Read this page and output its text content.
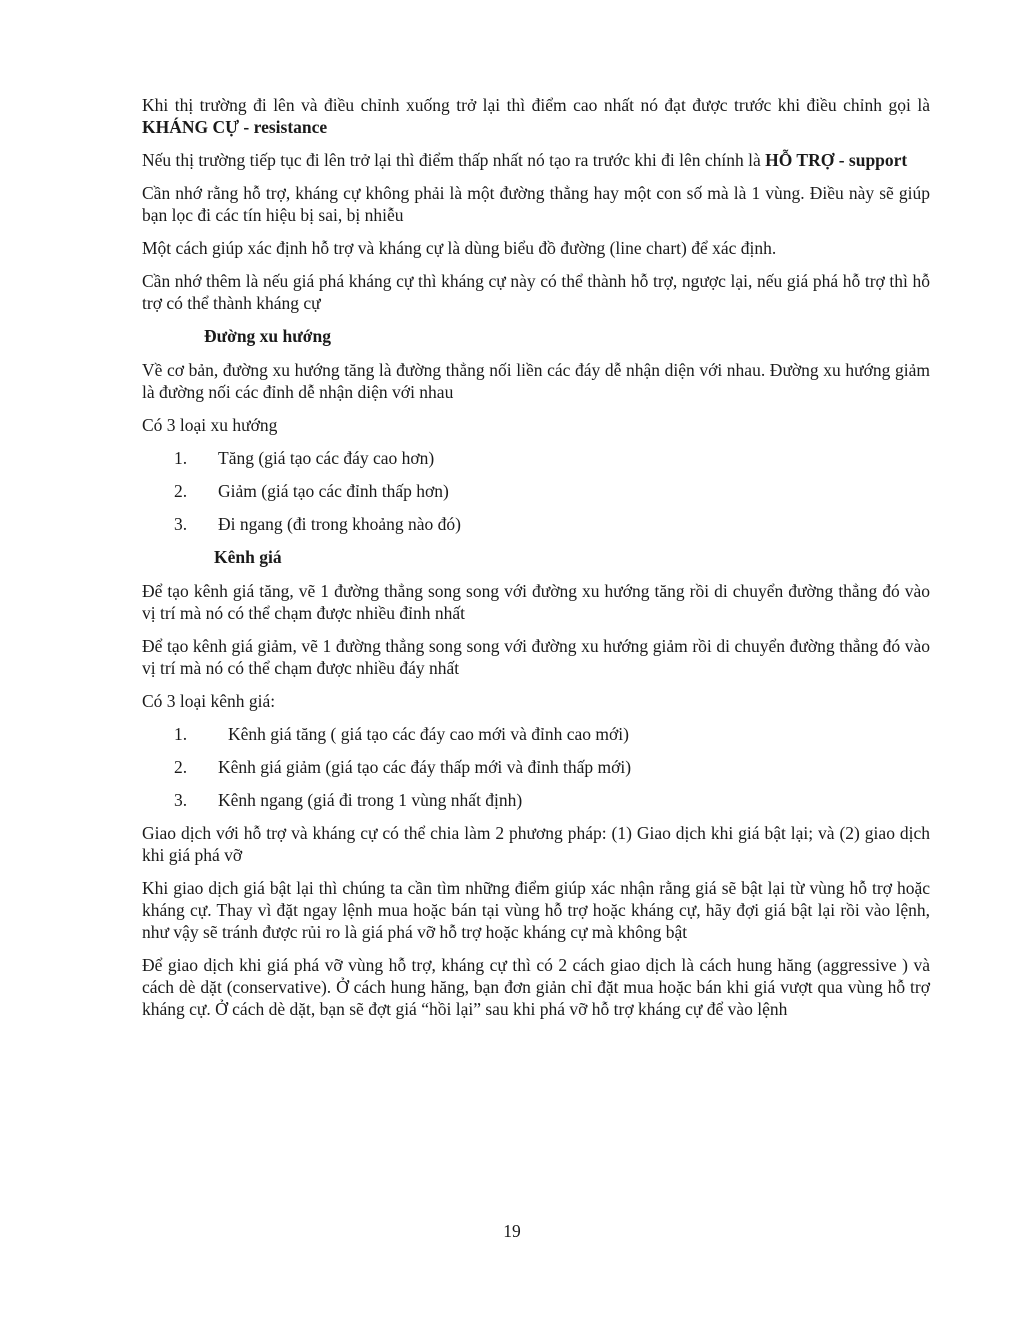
Khi thị trường đi lên và điều chỉnh xuống trở lại thì điểm cao nhất nó đạt được trước khi điều chỉnh gọi là KHÁNG CỰ - resistance

Nếu thị trường tiếp tục đi lên trở lại thì điểm thấp nhất nó tạo ra trước khi đi lên chính là HỖ TRỢ - support

Cần nhớ rằng hỗ trợ, kháng cự không phải là một đường thẳng hay một con số mà là 1 vùng. Điều này sẽ giúp bạn lọc đi các tín hiệu bị sai, bị nhiễu

Một cách giúp xác định hỗ trợ và kháng cự là dùng biểu đồ đường (line chart) để xác định.

Cần nhớ thêm là nếu giá phá kháng cự thì kháng cự này có thể thành hỗ trợ, ngược lại, nếu giá phá hỗ trợ thì hỗ trợ có thể thành kháng cự

Đường xu hướng

Về cơ bản, đường xu hướng tăng là đường thẳng nối liền các đáy dễ nhận diện với nhau. Đường xu hướng giảm là đường nối các đỉnh dễ nhận diện với nhau

Có 3 loại xu hướng

1.	Tăng (giá tạo các đáy cao hơn)
2.	Giảm (giá tạo các đỉnh thấp hơn)
3.	Đi ngang (đi trong khoảng nào đó)
Kênh giá

Để tạo kênh giá tăng, vẽ 1 đường thẳng song song với đường xu hướng tăng rồi di chuyển đường thẳng đó vào vị trí mà nó có thể chạm được nhiều đỉnh nhất

Để tạo kênh giá giảm, vẽ 1 đường thẳng song song với đường xu hướng giảm rồi di chuyển đường thẳng đó vào vị trí mà nó có thể chạm được nhiều đáy nhất

Có 3 loại kênh giá:

1.	Kênh giá tăng ( giá tạo các đáy cao mới và đỉnh cao mới)
2.	Kênh giá giảm (giá tạo các đáy thấp mới và đỉnh thấp mới)
3.	Kênh ngang (giá đi trong 1 vùng nhất định)

Giao dịch với hỗ trợ và kháng cự có thể chia làm 2 phương pháp: (1) Giao dịch khi giá bật lại; và (2) giao dịch khi giá phá vỡ

Khi giao dịch giá bật lại thì chúng ta cần tìm những điểm giúp xác nhận rằng giá sẽ bật lại từ vùng hỗ trợ hoặc kháng cự. Thay vì đặt ngay lệnh mua hoặc bán tại vùng hỗ trợ hoặc kháng cự, hãy đợi giá bật lại rồi vào lệnh, như vậy sẽ tránh được rủi ro là giá phá vỡ hỗ trợ hoặc kháng cự mà không bật

Để giao dịch khi giá phá vỡ vùng hỗ trợ, kháng cự thì có 2 cách giao dịch là cách hung hăng (aggressive ) và cách dè dặt (conservative). Ở cách hung hăng, bạn đơn giản chỉ đặt mua hoặc bán khi giá vượt qua vùng hỗ trợ kháng cự. Ở cách dè dặt, bạn sẽ đợt giá “hồi lại” sau khi phá vỡ hỗ trợ kháng cự để vào lệnh

19
